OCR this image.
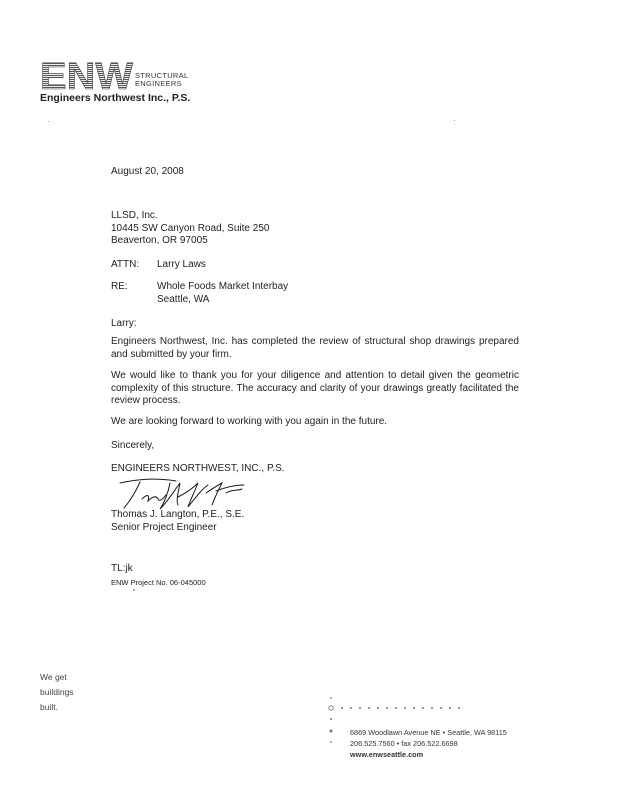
ENW STRUCTURAL
ENGINEERS
Engineers Northwest Inc., P.S.
August 20, 2008
LLSD, Inc.
10445 SW Canyon Road, Suite 250
Beaverton, OR 97005
ATTN: Larry Laws
RE:	Whole Foods Market Interbay
Seattle, WA
Larry:
Engineers Northwest, Inc. has completed the review of structural shop drawings prepared and submitted by your firm.
We would like to thank you for your diligence and attention to detail given the geometric complexity of this structure. The accuracy and clarity of your drawings greatly facilitated the review process.
We are looking forward to working with you again in the future.
Sincerely,
ENGINEERS NORTHWEST, INC., P.S.
Thomas J. Langton, P.E., S.E.
Senior Project Engineer
TL:jk
ENW Project No. 06-045000
We get
buildings
built.
6869 Woodlawn Avenue NE • Seattle, WA 98115
206.525.7560 • fax 206.522.6698
www.enwseattle.com
